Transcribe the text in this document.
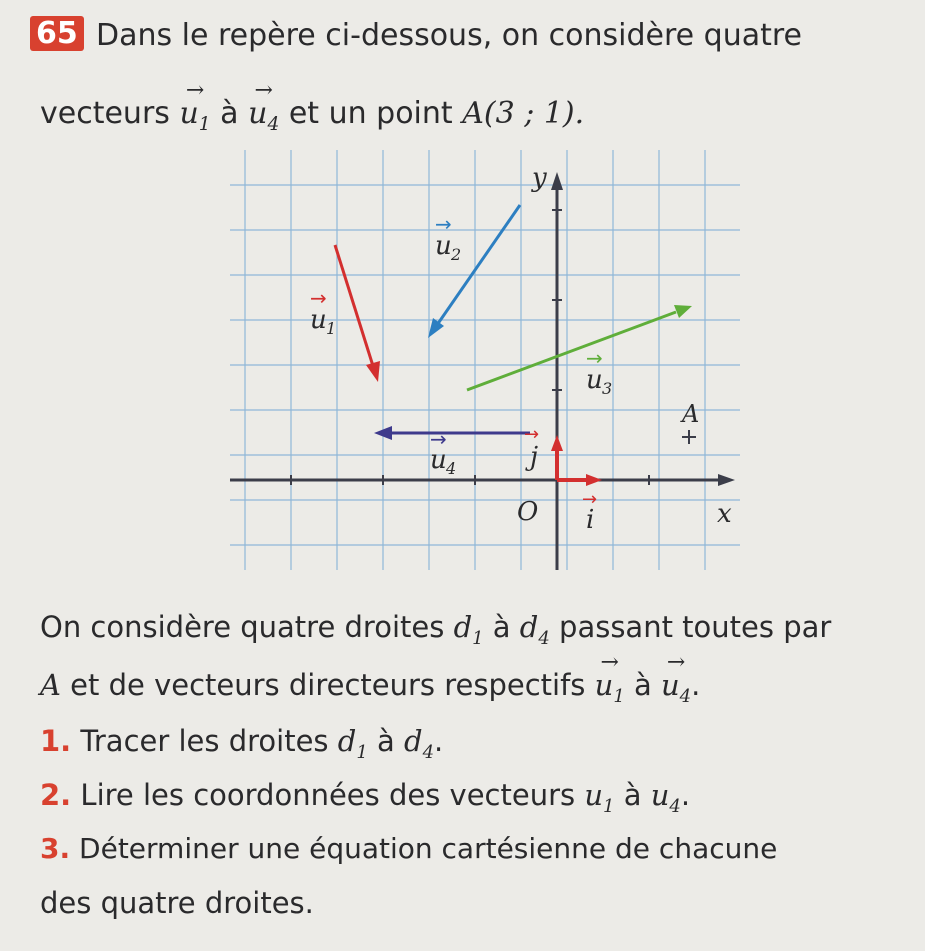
65 Dans le repère ci-dessous, on considère quatre
vecteurs → $u_1$ à → $u_4$ et un point A(3 ; 1).
y
x
O
A
i
→
j
→
u 1
→
u 2
→
u 3
→
u 4
→
On considère quatre droites $d_1$ à $d_4$ passant toutes par
A et de vecteurs directeurs respectifs → $u_1$ à → $u_4$.
1. Tracer les droites $d_1$ à $d_4$.
2. Lire les coordonnées des vecteurs $u_1$ à $u_4$.
3. Déterminer une équation cartésienne de chacune
des quatre droites.
